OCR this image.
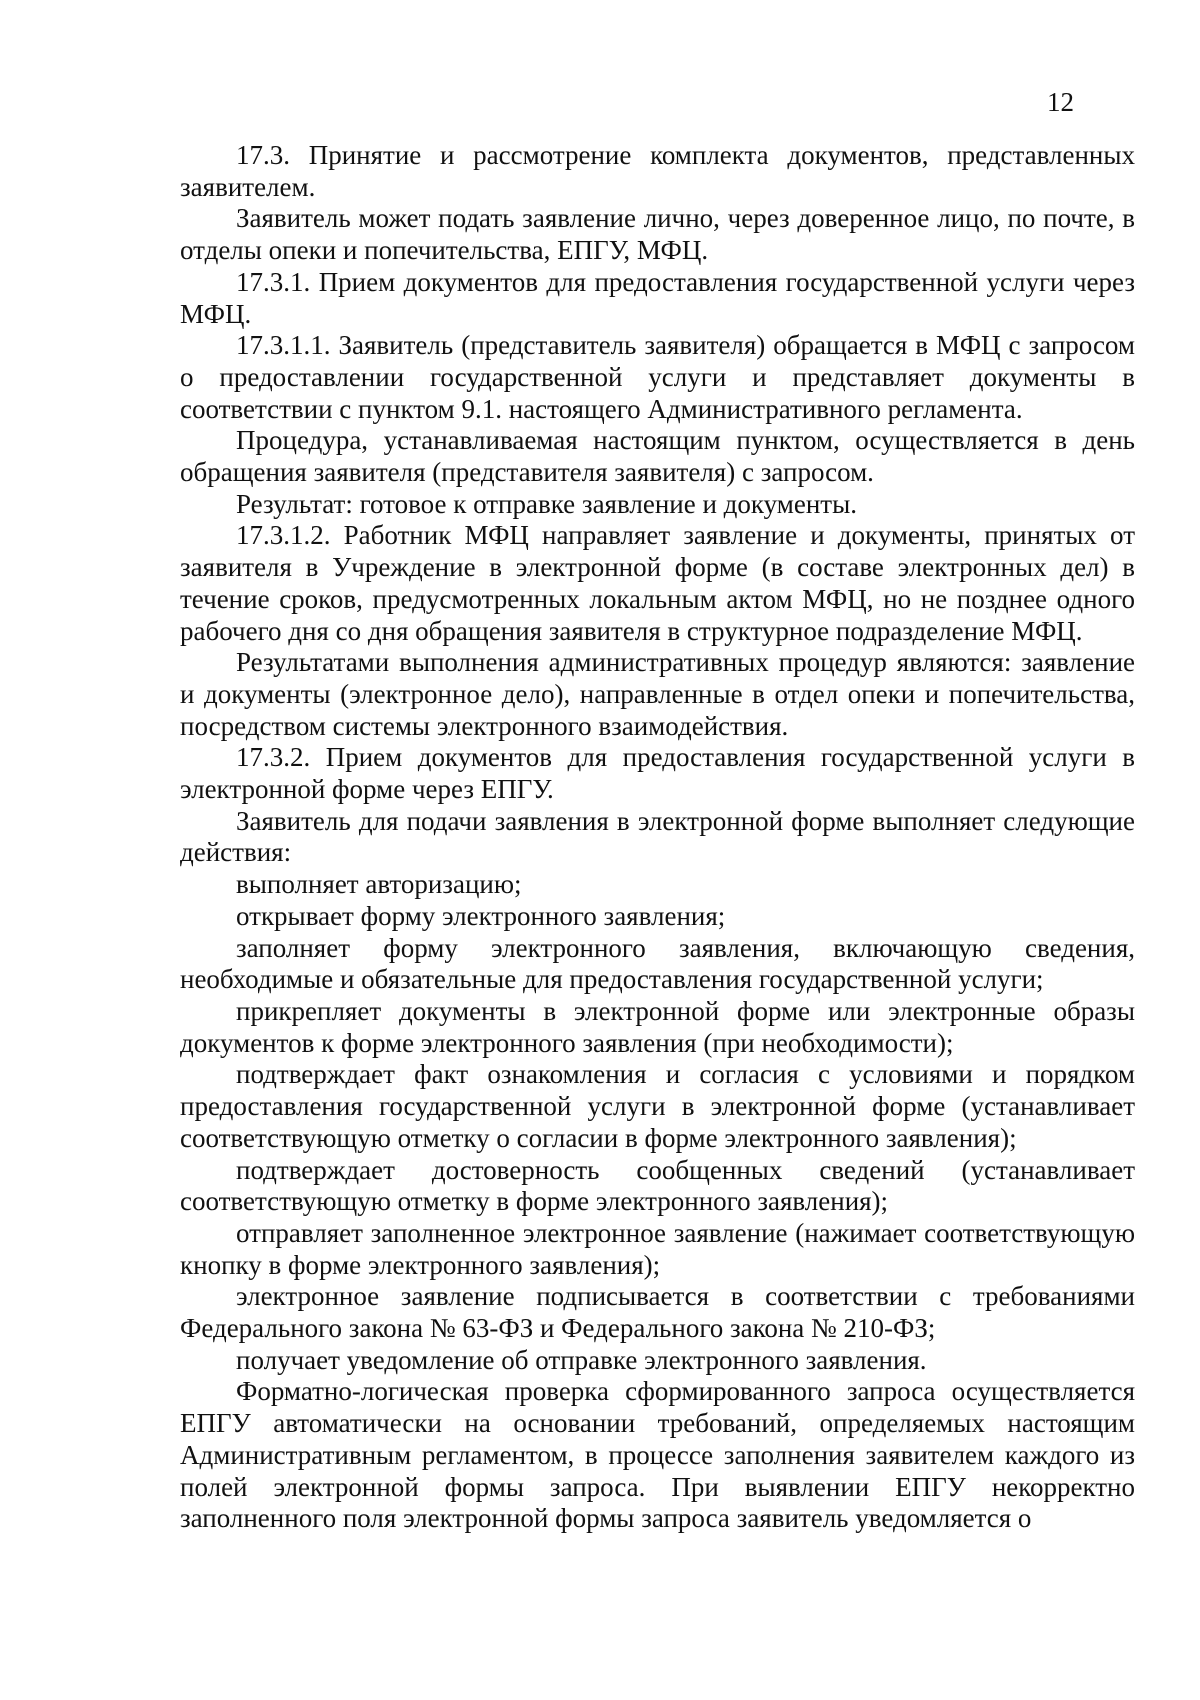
12

17.3. Принятие и рассмотрение комплекта документов, представленных заявителем.

Заявитель может подать заявление лично, через доверенное лицо, по почте, в отделы опеки и попечительства, ЕПГУ, МФЦ.

17.3.1. Прием документов для предоставления государственной услуги через МФЦ.

17.3.1.1. Заявитель (представитель заявителя) обращается в МФЦ с запросом о предоставлении государственной услуги и представляет документы в соответствии с пунктом 9.1. настоящего Административного регламента.

Процедура, устанавливаемая настоящим пунктом, осуществляется в день обращения заявителя (представителя заявителя) с запросом.

Результат: готовое к отправке заявление и документы.

17.3.1.2. Работник МФЦ направляет заявление и документы, принятых от заявителя в Учреждение в электронной форме (в составе электронных дел) в течение сроков, предусмотренных локальным актом МФЦ, но не позднее одного рабочего дня со дня обращения заявителя в структурное подразделение МФЦ.

Результатами выполнения административных процедур являются: заявление и документы (электронное дело), направленные в отдел опеки и попечительства, посредством системы электронного взаимодействия.

17.3.2. Прием документов для предоставления государственной услуги в электронной форме через ЕПГУ.

Заявитель для подачи заявления в электронной форме выполняет следующие действия:

выполняет авторизацию;

открывает форму электронного заявления;

заполняет форму электронного заявления, включающую сведения, необходимые и обязательные для предоставления государственной услуги;

прикрепляет документы в электронной форме или электронные образы документов к форме электронного заявления (при необходимости);

подтверждает факт ознакомления и согласия с условиями и порядком предоставления государственной услуги в электронной форме (устанавливает соответствующую отметку о согласии в форме электронного заявления);

подтверждает достоверность сообщенных сведений (устанавливает соответствующую отметку в форме электронного заявления);

отправляет заполненное электронное заявление (нажимает соответствующую кнопку в форме электронного заявления);

электронное заявление подписывается в соответствии с требованиями Федерального закона № 63-ФЗ и Федерального закона № 210-ФЗ;

получает уведомление об отправке электронного заявления.

Форматно-логическая проверка сформированного запроса осуществляется ЕПГУ автоматически на основании требований, определяемых настоящим Административным регламентом, в процессе заполнения заявителем каждого из полей электронной формы запроса. При выявлении ЕПГУ некорректно заполненного поля электронной формы запроса заявитель уведомляется о
